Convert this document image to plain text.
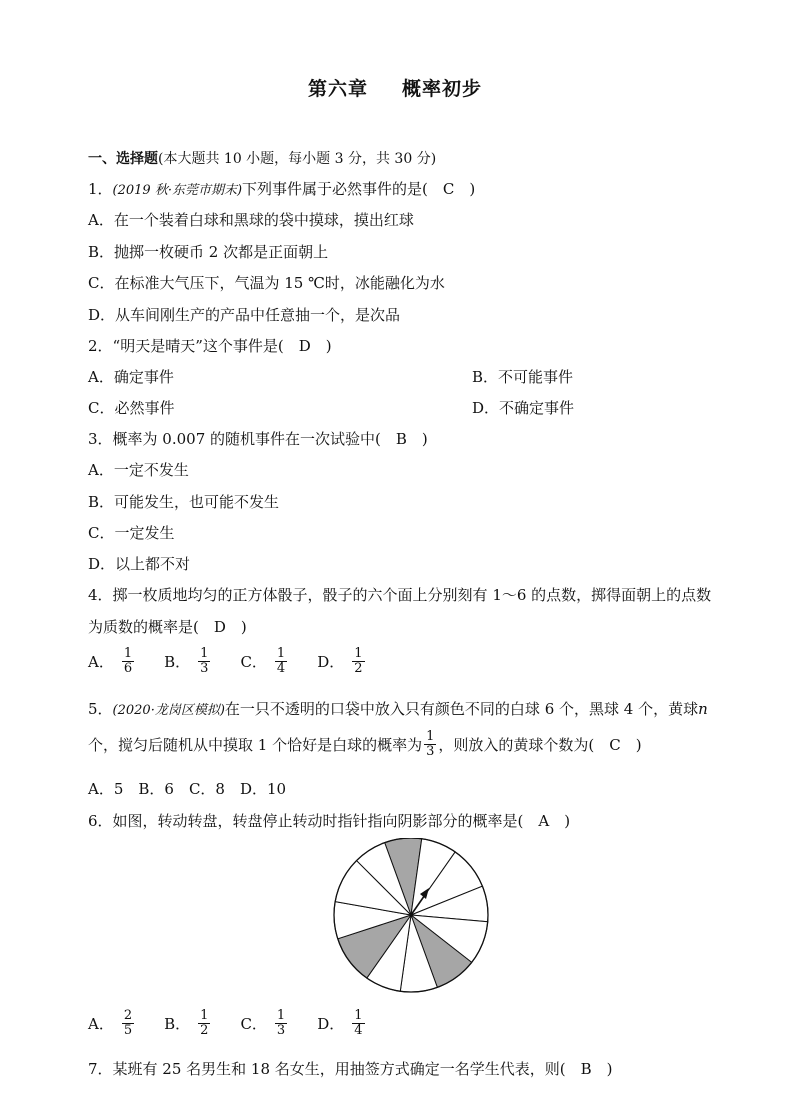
第六章 概率初步
一、选择题(本大题共 10 小题，每小题 3 分，共 30 分)
1．(2019 秋·东莞市期末)下列事件属于必然事件的是(　C　)
A．在一个装着白球和黑球的袋中摸球，摸出红球
B．抛掷一枚硬币 2 次都是正面朝上
C．在标准大气压下，气温为 15 ℃时，冰能融化为水
D．从车间刚生产的产品中任意抽一个，是次品
2．“明天是晴天”这个事件是(　D　)
A．确定事件	B．不可能事件
C．必然事件	D．不确定事件
3．概率为 0.007 的随机事件在一次试验中(　B　)
A．一定不发生
B．可能发生，也可能不发生
C．一定发生
D．以上都不对
4．掷一枚质地均匀的正方体骰子，骰子的六个面上分别刻有 1～6 的点数，掷得面朝上的点数
为质数的概率是(　D　)
A． $\frac{1}{6}$ B． $\frac{1}{3}$ C． $\frac{1}{4}$ D． $\frac{1}{2}$
5．(2020·龙岗区模拟)在一只不透明的口袋中放入只有颜色不同的白球 6 个，黑球 4 个，黄球n
个，搅匀后随机从中摸取 1 个恰好是白球的概率为 $\frac{1}{3}$ ，则放入的黄球个数为(　C　)
A．5　B．6　C．8　D．10
6．如图，转动转盘，转盘停止转动时指针指向阴影部分的概率是(　A　)
A． $\frac{2}{5}$ B． $\frac{1}{2}$ C． $\frac{1}{3}$ D． $\frac{1}{4}$
7．某班有 25 名男生和 18 名女生，用抽签方式确定一名学生代表，则(　B　)
